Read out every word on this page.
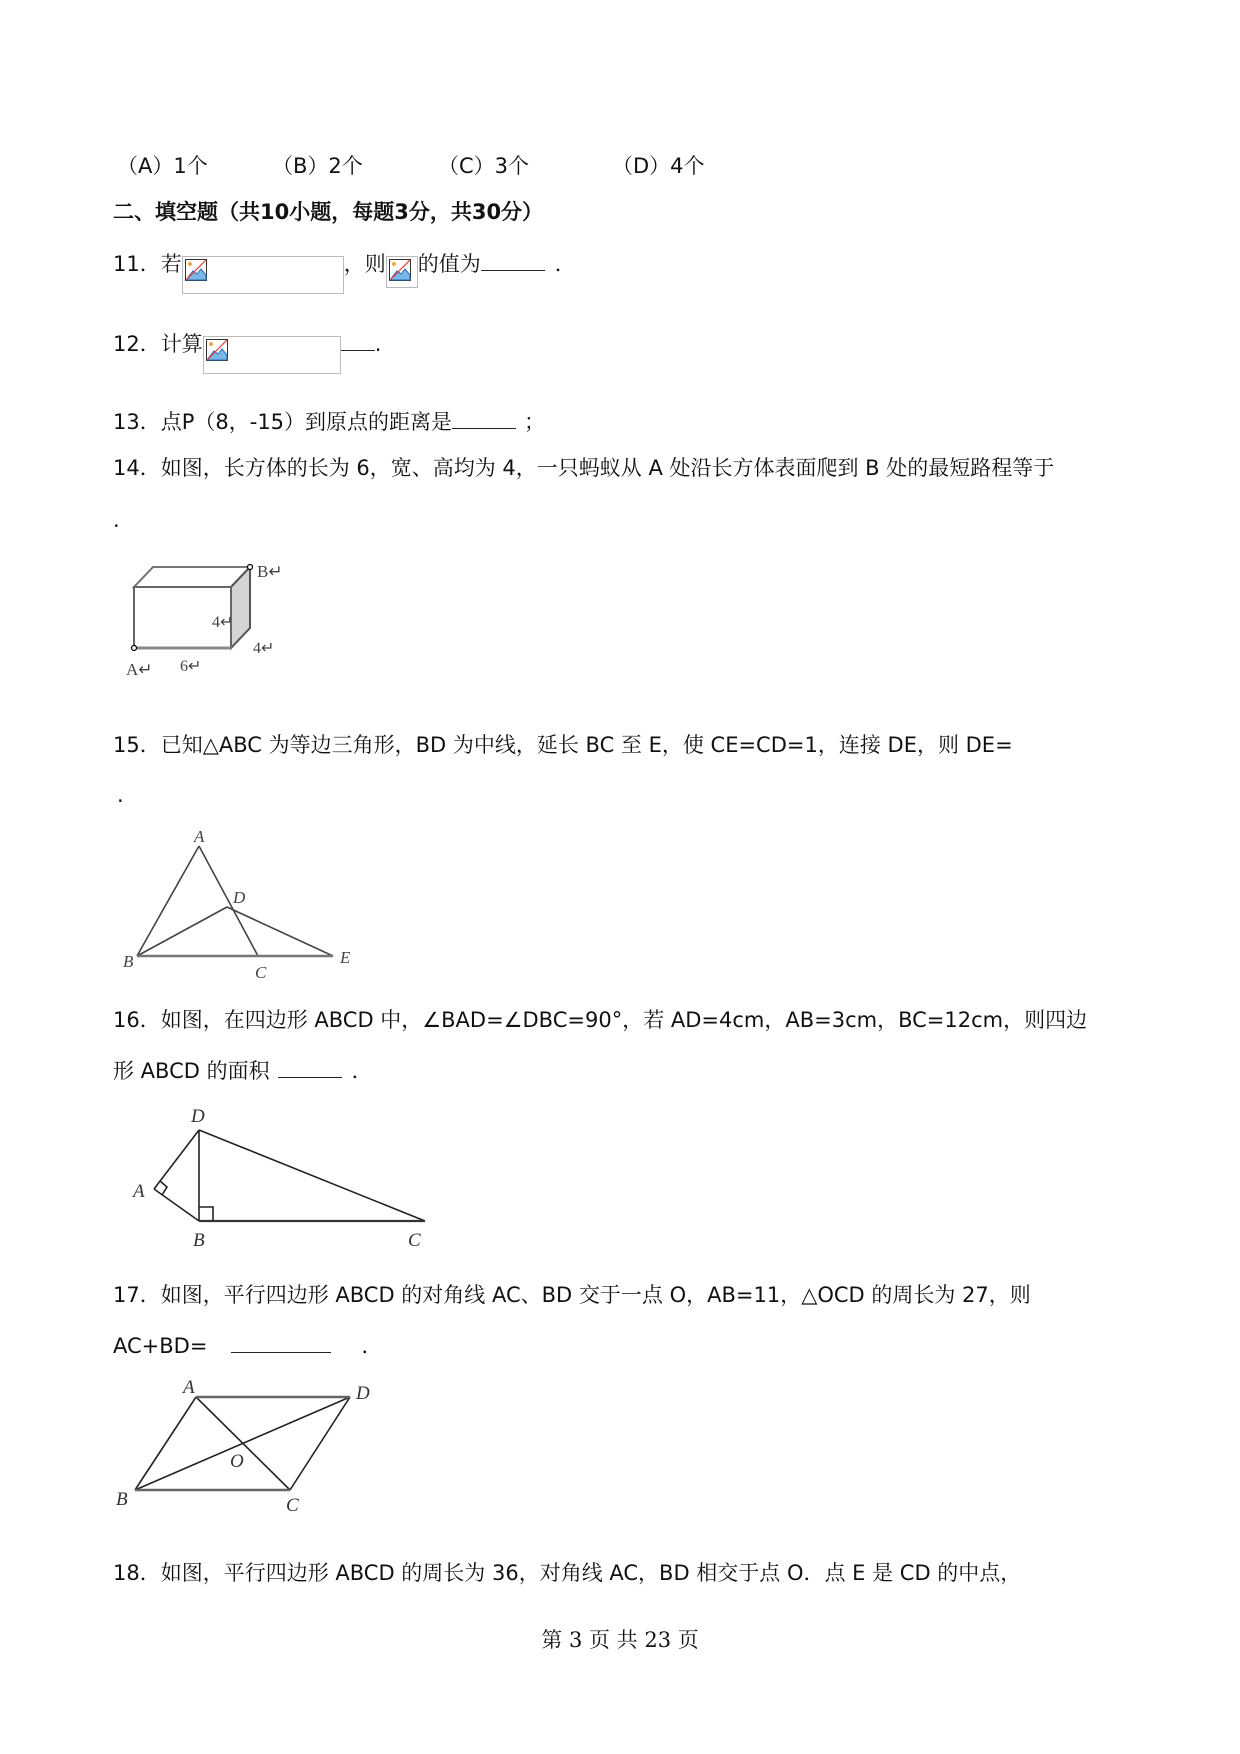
（A）1个	（B）2个	（C）3个	（D）4个
二、填空题（共10小题，每题3分，共30分）
11．若	，则 的值为	．
12．计算	.
13．点P（8，-15）到原点的距离是	；
14．如图，长方体的长为 6，宽、高均为 4，一只蚂蚁从 A 处沿长方体表面爬到 B 处的最短路程等于
.
B↵
4↵
4↵
A↵ 6↵
15．已知△ABC 为等边三角形，BD 为中线，延长 BC 至 E，使 CE=CD=1，连接 DE，则 DE=
.
A
B
C
D
E
16．如图，在四边形 ABCD 中，∠BAD=∠DBC=90°，若 AD=4cm，AB=3cm，BC=12cm，则四边
形 ABCD 的面积	．
D
A
B	C
17．如图，平行四边形 ABCD 的对角线 AC、BD 交于一点 O，AB=11，△OCD 的周长为 27，则
AC+BD=	．
A	D
O
B	C
18．如图，平行四边形 ABCD 的周长为 36，对角线 AC，BD 相交于点 O．点 E 是 CD 的中点，
第 3 页 共 23 页
